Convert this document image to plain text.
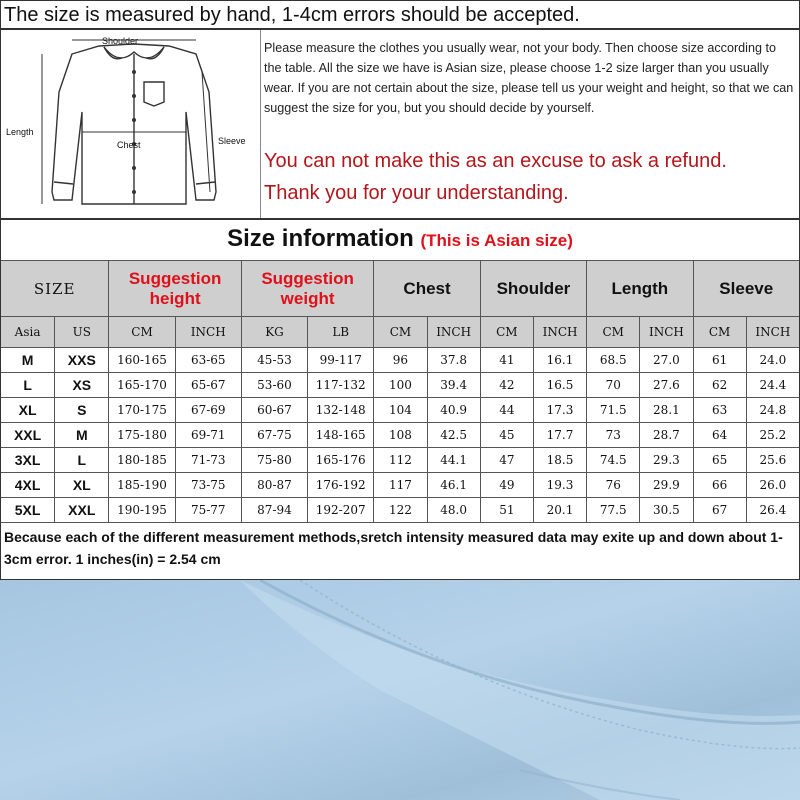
The size is measured by hand, 1-4cm errors should be accepted.
Shoulder
Length
Chest	Sleeve
Please measure the clothes you usually wear, not your body. Then choose size according to the table. All the size we have is Asian size, please choose 1-2 size larger than you usually wear. If you are not certain about the size, please tell us your weight and height, so that we can suggest the size for you, but you should decide by yourself.
You can not make this as an excuse to ask a refund.
Thank you for your understanding.
Size information (This is Asian size)
SIZE		Suggestion height		Suggestion weight		Chest		Shoulder		Length		Sleeve	
Asia	US	CM	INCH	KG	LB	CM	INCH	CM	INCH	CM	INCH	CM	INCH
M	XXS	160-165	63-65	45-53	99-117	96	37.8	41	16.1	68.5	27.0	61	24.0
L	XS	165-170	65-67	53-60	117-132	100	39.4	42	16.5	70	27.6	62	24.4
XL	S	170-175	67-69	60-67	132-148	104	40.9	44	17.3	71.5	28.1	63	24.8
XXL	M	175-180	69-71	67-75	148-165	108	42.5	45	17.7	73	28.7	64	25.2
3XL	L	180-185	71-73	75-80	165-176	112	44.1	47	18.5	74.5	29.3	65	25.6
4XL	XL	185-190	73-75	80-87	176-192	117	46.1	49	19.3	76	29.9	66	26.0
5XL	XXL	190-195	75-77	87-94	192-207	122	48.0	51	20.1	77.5	30.5	67	26.4
Because each of the different measurement methods,sretch intensity measured data may exite up and down about 1-3cm error. 1 inches(in) = 2.54 cm
